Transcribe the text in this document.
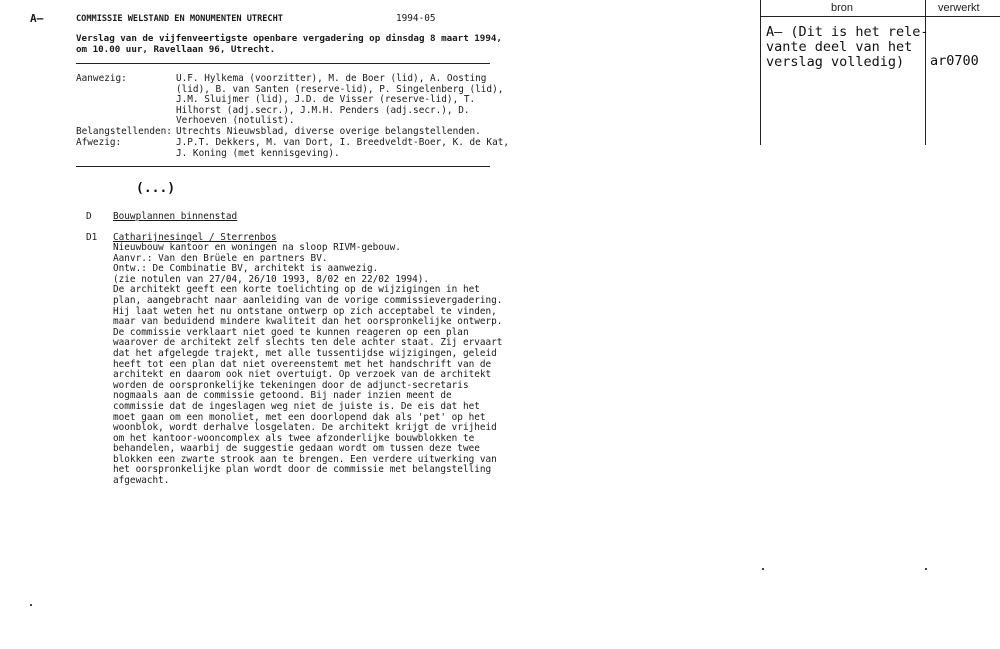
A—	COMMISSIE WELSTAND EN MONUMENTEN UTRECHT	1994-05
Verslag van de vijfenveertigste openbare vergadering op dinsdag 8 maart 1994,
om 10.00 uur, Ravellaan 96, Utrecht.
Aanwezig:	U.F. Hylkema (voorzitter), M. de Boer (lid), A. Oosting
(lid), B. van Santen (reserve-lid), P. Singelenberg (lid),
J.M. Sluijmer (lid), J.D. de Visser (reserve-lid), T.
Hilhorst (adj.secr.), J.M.H. Penders (adj.secr.), D.
Verhoeven (notulist).
Belangstellenden: Utrechts Nieuwsblad, diverse overige belangstellenden.
Afwezig:	J.P.T. Dekkers, M. van Dort, I. Breedveldt-Boer, K. de Kat,
J. Koning (met kennisgeving).
(...)
D Bouwplannen binnenstad
D1 Catharijnesingel / Sterrenbos
Nieuwbouw kantoor en woningen na sloop RIVM-gebouw.
Aanvr.: Van den Brüele en partners BV.
Ontw.: De Combinatie BV, architekt is aanwezig.
(zie notulen van 27/04, 26/10 1993, 8/02 en 22/02 1994).
De architekt geeft een korte toelichting op de wijzigingen in het
plan, aangebracht naar aanleiding van de vorige commissievergadering.
Hij laat weten het nu ontstane ontwerp op zich acceptabel te vinden,
maar van beduidend mindere kwaliteit dan het oorspronkelijke ontwerp.
De commissie verklaart niet goed te kunnen reageren op een plan
waarover de architekt zelf slechts ten dele achter staat. Zij ervaart
dat het afgelegde trajekt, met alle tussentijdse wijzigingen, geleid
heeft tot een plan dat niet overeenstemt met het handschrift van de
architekt en daarom ook niet overtuigt. Op verzoek van de architekt
worden de oorspronkelijke tekeningen door de adjunct-secretaris
nogmaals aan de commissie getoond. Bij nader inzien meent de
commissie dat de ingeslagen weg niet de juiste is. De eis dat het
moet gaan om een monoliet, met een doorlopend dak als 'pet' op het
woonblok, wordt derhalve losgelaten. De architekt krijgt de vrijheid
om het kantoor-wooncomplex als twee afzonderlijke bouwblokken te
behandelen, waarbij de suggestie gedaan wordt om tussen deze twee
blokken een zwarte strook aan te brengen. Een verdere uitwerking van
het oorspronkelijke plan wordt door de commissie met belangstelling
afgewacht.
bron	verwerkt
A— (Dit is het rele-
vante deel van het
verslag volledig)	ar0700
